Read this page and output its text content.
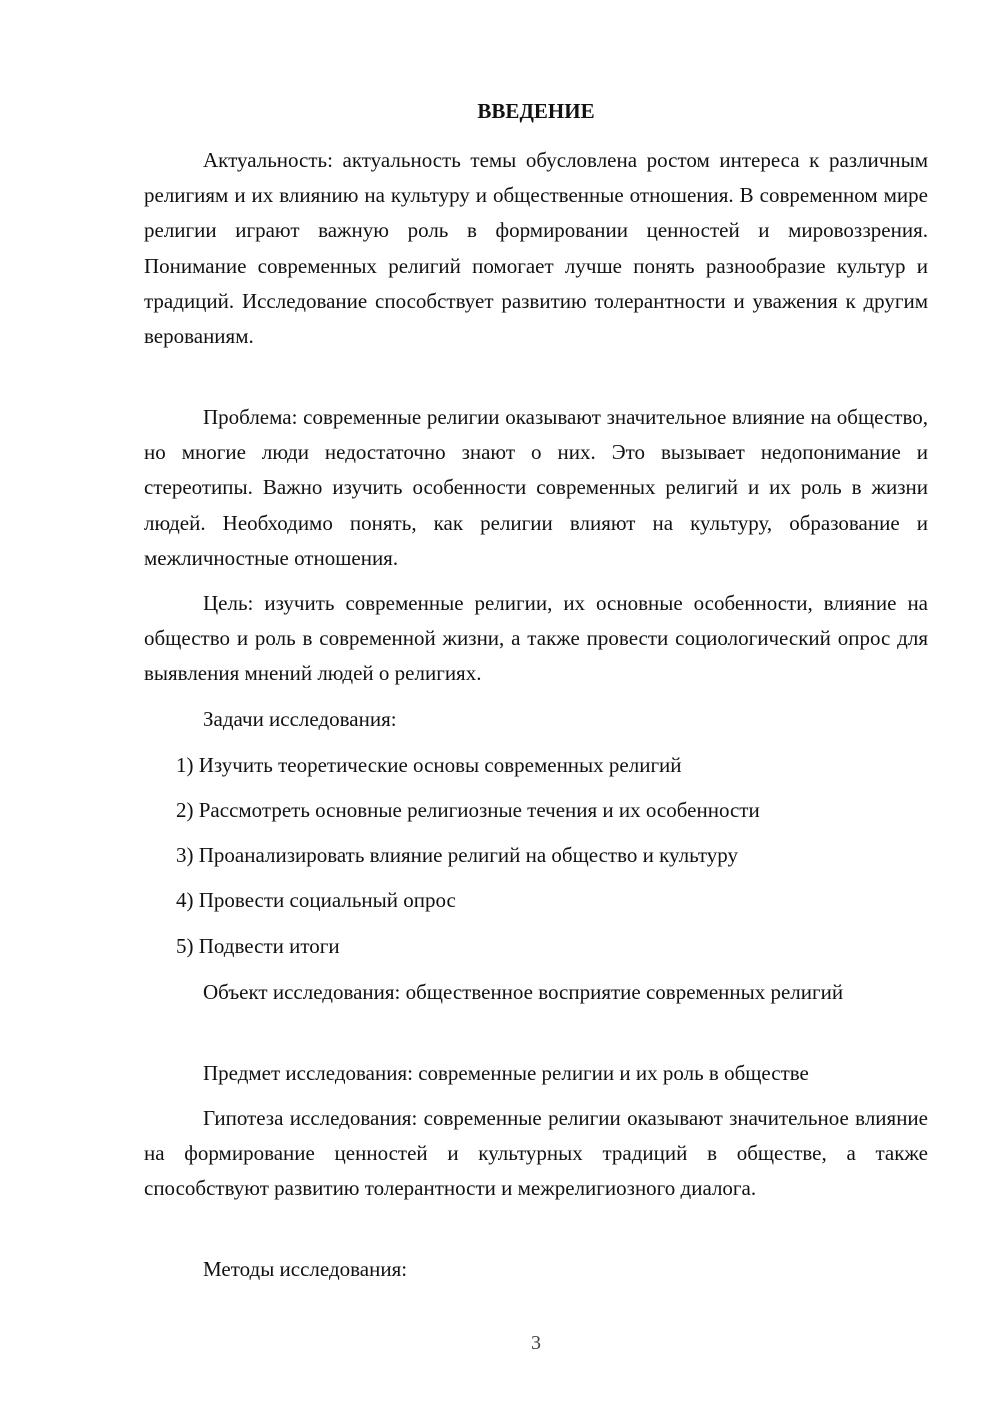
ВВЕДЕНИЕ

Актуальность: актуальность темы обусловлена ростом интереса к различным религиям и их влиянию на культуру и общественные отношения. В современном мире религии играют важную роль в формировании ценностей и мировоззрения. Понимание современных религий помогает лучше понять разнообразие культур и традиций. Исследование способствует развитию толерантности и уважения к другим верованиям.

Проблема: современные религии оказывают значительное влияние на общество, но многие люди недостаточно знают о них. Это вызывает недопонимание и стереотипы. Важно изучить особенности современных религий и их роль в жизни людей. Необходимо понять, как религии влияют на культуру, образование и межличностные отношения.

Цель: изучить современные религии, их основные особенности, влияние на общество и роль в современной жизни, а также провести социологический опрос для выявления мнений людей о религиях.

Задачи исследования:
1) Изучить теоретические основы современных религий
2) Рассмотреть основные религиозные течения и их особенности
3) Проанализировать влияние религий на общество и культуру
4) Провести социальный опрос
5) Подвести итоги

Объект исследования: общественное восприятие современных религий

Предмет исследования: современные религии и их роль в обществе

Гипотеза исследования: современные религии оказывают значительное влияние на формирование ценностей и культурных традиций в обществе, а также способствуют развитию толерантности и межрелигиозного диалога.

Методы исследования:
3
